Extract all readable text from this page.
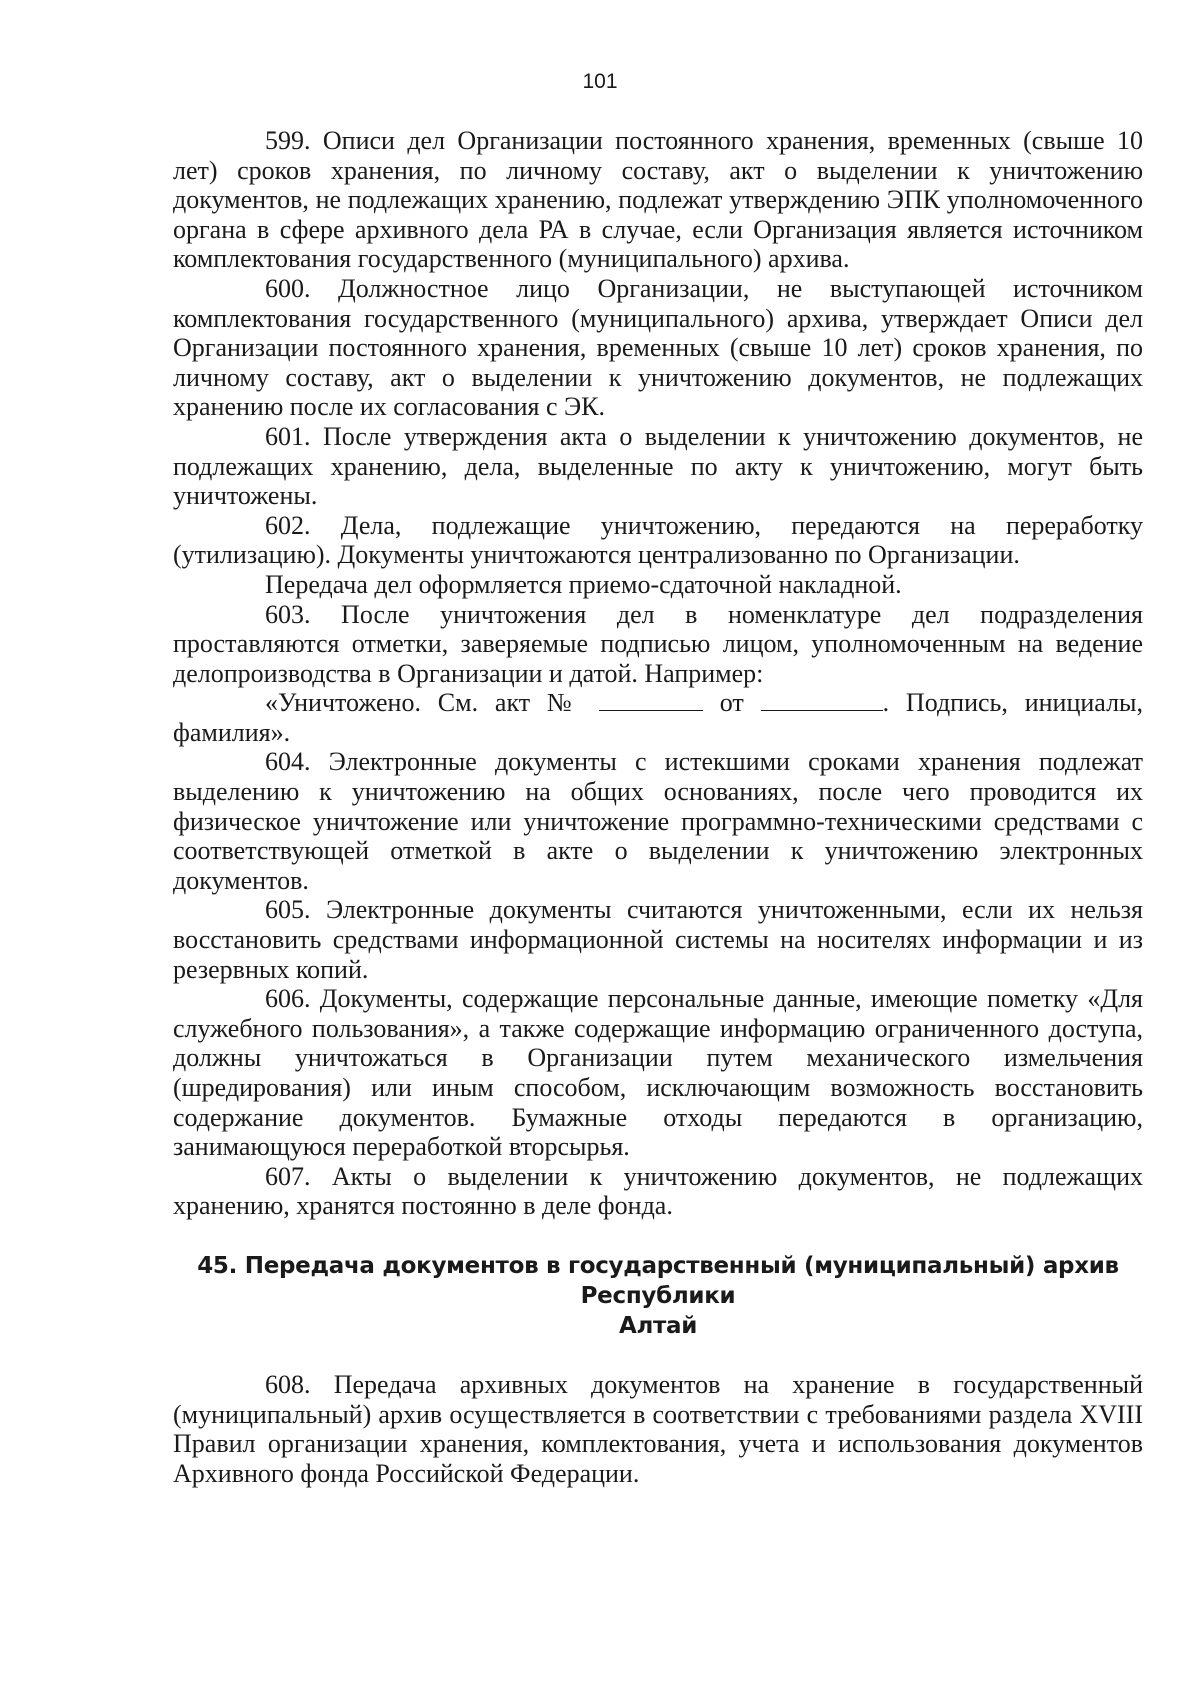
101

599. Описи дел Организации постоянного хранения, временных (свыше 10 лет) сроков хранения, по личному составу, акт о выделении к уничтожению документов, не подлежащих хранению, подлежат утверждению ЭПК уполномоченного органа в сфере архивного дела РА в случае, если Организация является источником комплектования государственного (муниципального) архива.

600. Должностное лицо Организации, не выступающей источником комплектования государственного (муниципального) архива, утверждает Описи дел Организации постоянного хранения, временных (свыше 10 лет) сроков хранения, по личному составу, акт о выделении к уничтожению документов, не подлежащих хранению после их согласования с ЭК.

601. После утверждения акта о выделении к уничтожению документов, не подлежащих хранению, дела, выделенные по акту к уничтожению, могут быть уничтожены.

602. Дела, подлежащие уничтожению, передаются на переработку (утилизацию). Документы уничтожаются централизованно по Организации.

Передача дел оформляется приемо-сдаточной накладной.

603. После уничтожения дел в номенклатуре дел подразделения проставляются отметки, заверяемые подписью лицом, уполномоченным на ведение делопроизводства в Организации и датой. Например:

«Уничтожено. См. акт №	от	. Подпись, инициалы, фамилия».

604. Электронные документы с истекшими сроками хранения подлежат выделению к уничтожению на общих основаниях, после чего проводится их физическое уничтожение или уничтожение программно-техническими средствами с соответствующей отметкой в акте о выделении к уничтожению электронных документов.

605. Электронные документы считаются уничтоженными, если их нельзя восстановить средствами информационной системы на носителях информации и из резервных копий.

606. Документы, содержащие персональные данные, имеющие пометку «Для служебного пользования», а также содержащие информацию ограниченного доступа, должны уничтожаться в Организации путем механического измельчения (шредирования) или иным способом, исключающим возможность восстановить содержание документов. Бумажные отходы передаются в организацию, занимающуюся переработкой вторсырья.

607. Акты о выделении к уничтожению документов, не подлежащих хранению, хранятся постоянно в деле фонда.

45. Передача документов в государственный (муниципальный) архив Республики
Алтай

608. Передача архивных документов на хранение в государственный (муниципальный) архив осуществляется в соответствии с требованиями раздела XVIII Правил организации хранения, комплектования, учета и использования документов Архивного фонда Российской Федерации.
